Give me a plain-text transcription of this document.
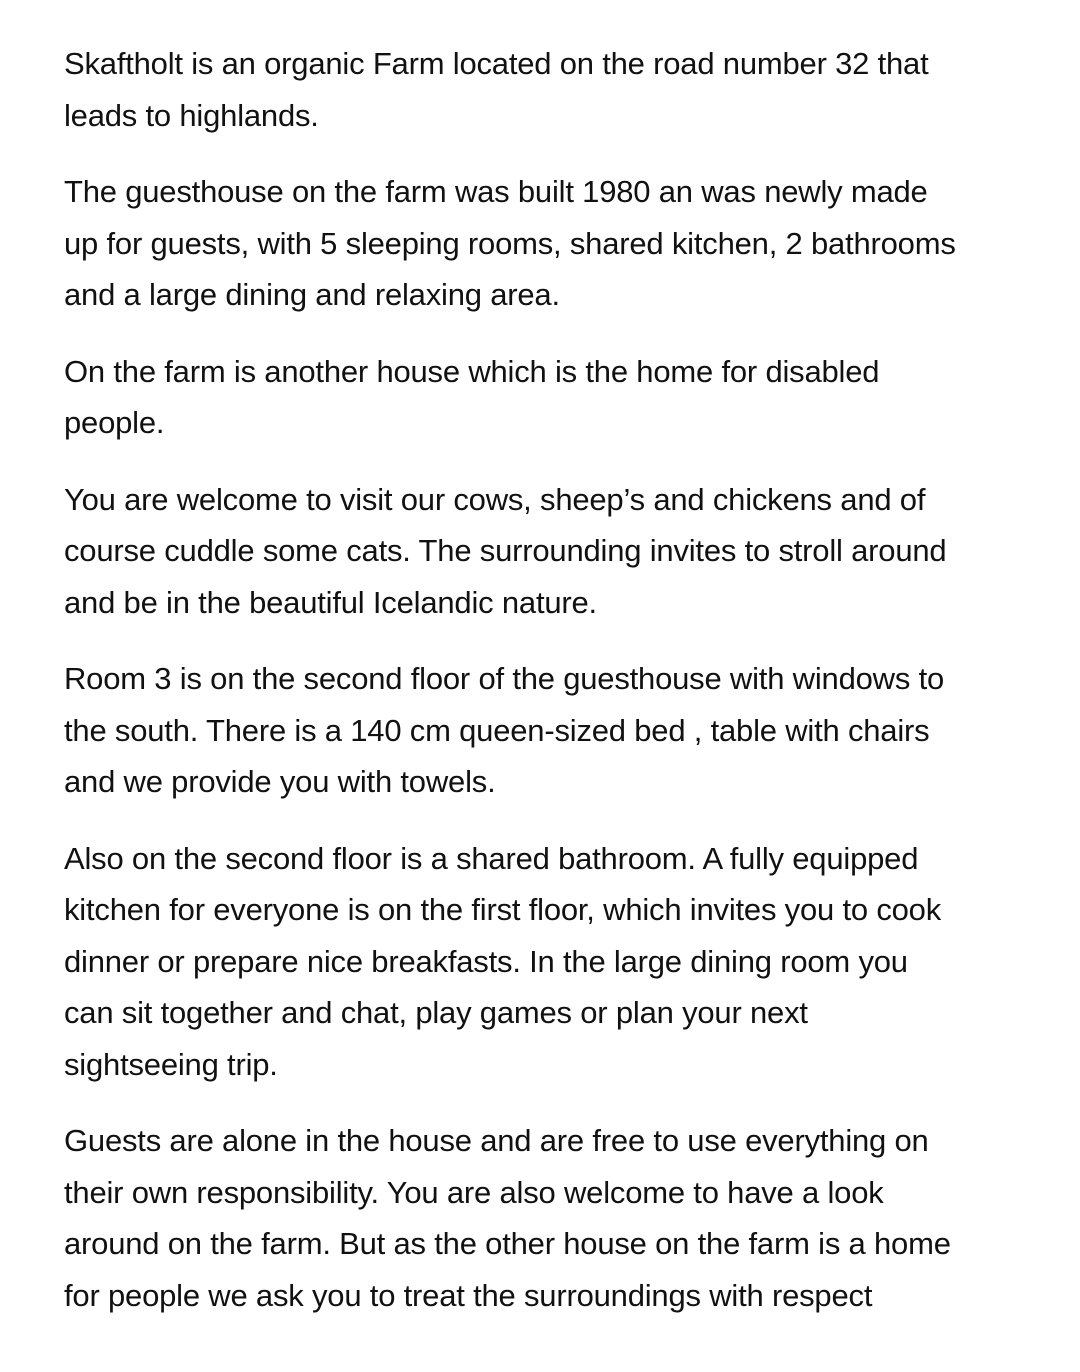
Skaftholt is an organic Farm located on the road number 32 that
leads to highlands.

The guesthouse on the farm was built 1980 an was newly made
up for guests, with 5 sleeping rooms, shared kitchen, 2 bathrooms
and a large dining and relaxing area.

On the farm is another house which is the home for disabled
people.

You are welcome to visit our cows, sheep’s and chickens and of
course cuddle some cats. The surrounding invites to stroll around
and be in the beautiful Icelandic nature.

Room 3 is on the second floor of the guesthouse with windows to
the south. There is a 140 cm queen-sized bed , table with chairs
and we provide you with towels.

Also on the second floor is a shared bathroom. A fully equipped
kitchen for everyone is on the first floor, which invites you to cook
dinner or prepare nice breakfasts. In the large dining room you
can sit together and chat, play games or plan your next
sightseeing trip.

Guests are alone in the house and are free to use everything on
their own responsibility. You are also welcome to have a look
around on the farm. But as the other house on the farm is a home
for people we ask you to treat the surroundings with respect
